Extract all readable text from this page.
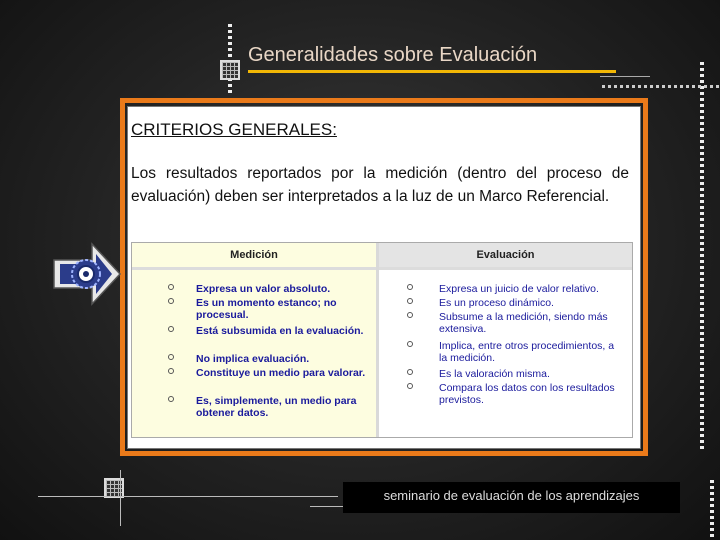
Generalidades sobre Evaluación
CRITERIOS GENERALES:
Los resultados reportados por la medición (dentro del proceso de evaluación) deben ser interpretados a la luz de un Marco Referencial.
Medición
Expresa un valor absoluto.
Es un momento estanco; no procesual.
Está subsumida en la evaluación.
No implica evaluación.
Constituye un medio para valorar.
Es, simplemente, un medio para obtener datos.
Evaluación
Expresa un juicio de valor relativo.
Es un proceso dinámico.
Subsume a la medición, siendo más extensiva.
Implica, entre otros procedimientos, a la medición.
Es la valoración misma.
Compara los datos con los resultados previstos.
seminario de evaluación de los aprendizajes
